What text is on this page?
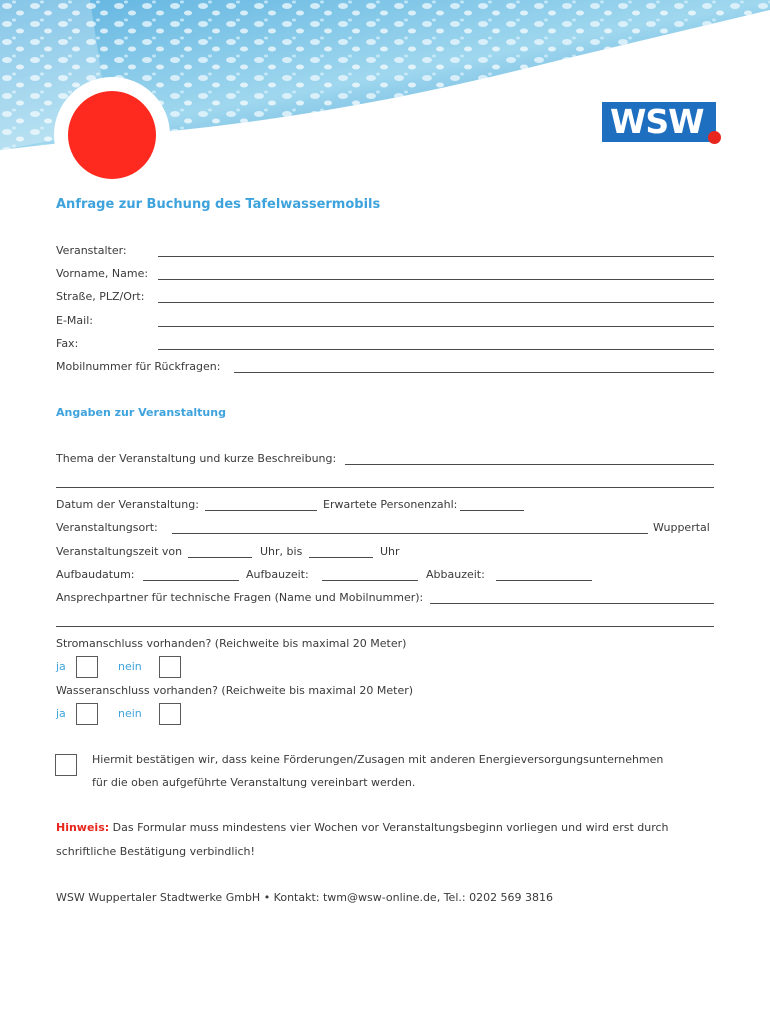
WSW
Anfrage zur Buchung des Tafelwassermobils
Veranstalter:
Vorname, Name:
Straße, PLZ/Ort:
E-Mail:
Fax:
Mobilnummer für Rückfragen:
Angaben zur Veranstaltung
Thema der Veranstaltung und kurze Beschreibung:
Datum der Veranstaltung:	Erwartete Personenzahl:
Veranstaltungsort:	Wuppertal
Veranstaltungszeit von	Uhr, bis	Uhr
Aufbaudatum:	Aufbauzeit:	Abbauzeit:
Ansprechpartner für technische Fragen (Name und Mobilnummer):
Stromanschluss vorhanden? (Reichweite bis maximal 20 Meter)
ja	nein
Wasseranschluss vorhanden? (Reichweite bis maximal 20 Meter)
ja	nein
Hiermit bestätigen wir, dass keine Förderungen/Zusagen mit anderen Energieversorgungsunternehmen
für die oben aufgeführte Veranstaltung vereinbart werden.
Hinweis: Das Formular muss mindestens vier Wochen vor Veranstaltungsbeginn vorliegen und wird erst durch
schriftliche Bestätigung verbindlich!
WSW Wuppertaler Stadtwerke GmbH • Kontakt: twm@wsw-online.de, Tel.: 0202 569 3816
